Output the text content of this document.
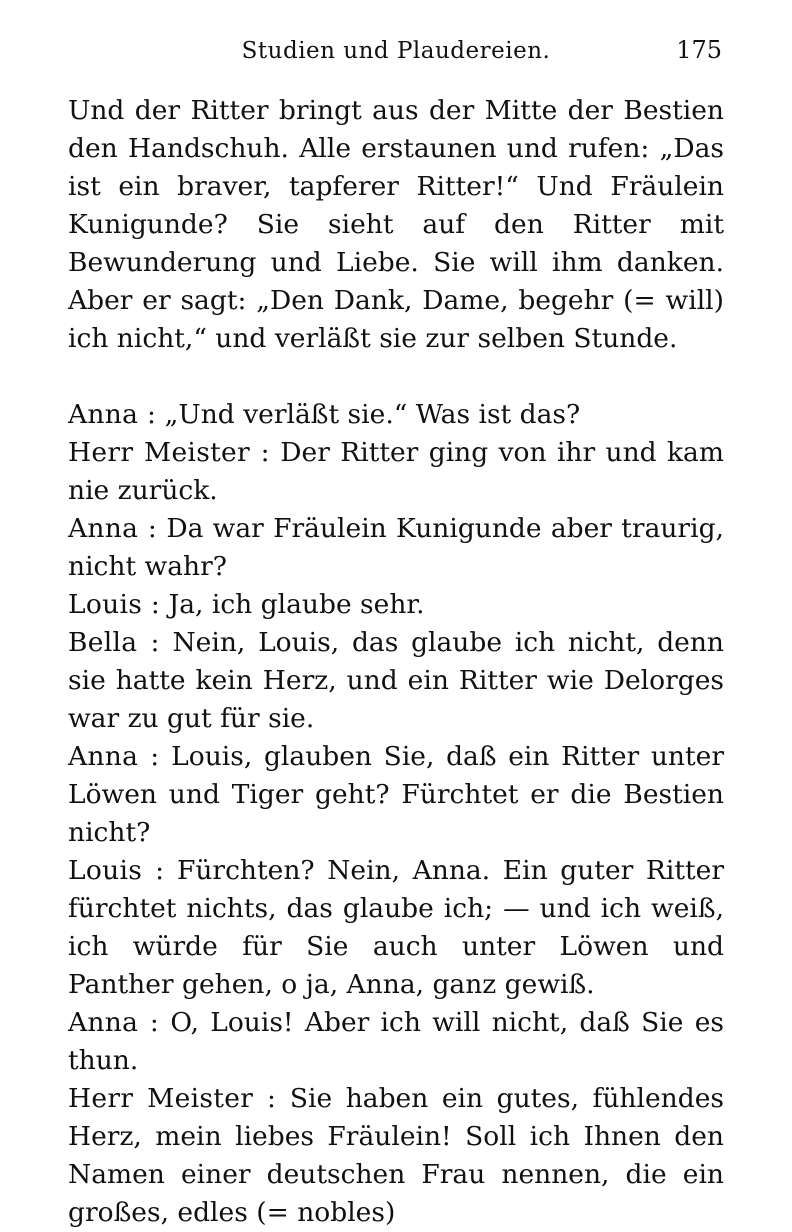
Studien und Plaudereien.	175

Und der Ritter bringt aus der Mitte der Bestien den Handschuh. Alle erstaunen und rufen: „Das ist ein braver, tapferer Ritter!“ Und Fräulein Kunigunde? Sie sieht auf den Ritter mit Bewunderung und Liebe. Sie will ihm danken. Aber er sagt: „Den Dank, Dame, begehr (= will) ich nicht,“ und verläßt sie zur selben Stunde.

Anna : „Und verläßt sie.“ Was ist das?

Herr Meister : Der Ritter ging von ihr und kam nie zurück.

Anna : Da war Fräulein Kunigunde aber traurig, nicht wahr?

Louis : Ja, ich glaube sehr.

Bella : Nein, Louis, das glaube ich nicht, denn sie hatte kein Herz, und ein Ritter wie Delorges war zu gut für sie.

Anna : Louis, glauben Sie, daß ein Ritter unter Löwen und Tiger geht? Fürchtet er die Bestien nicht?

Louis : Fürchten? Nein, Anna. Ein guter Ritter fürchtet nichts, das glaube ich; — und ich weiß, ich würde für Sie auch unter Löwen und Panther gehen, o ja, Anna, ganz gewiß.

Anna : O, Louis! Aber ich will nicht, daß Sie es thun.

Herr Meister : Sie haben ein gutes, fühlendes Herz, mein liebes Fräulein! Soll ich Ihnen den Namen einer deutschen Frau nennen, die ein großes, edles (= nobles)
